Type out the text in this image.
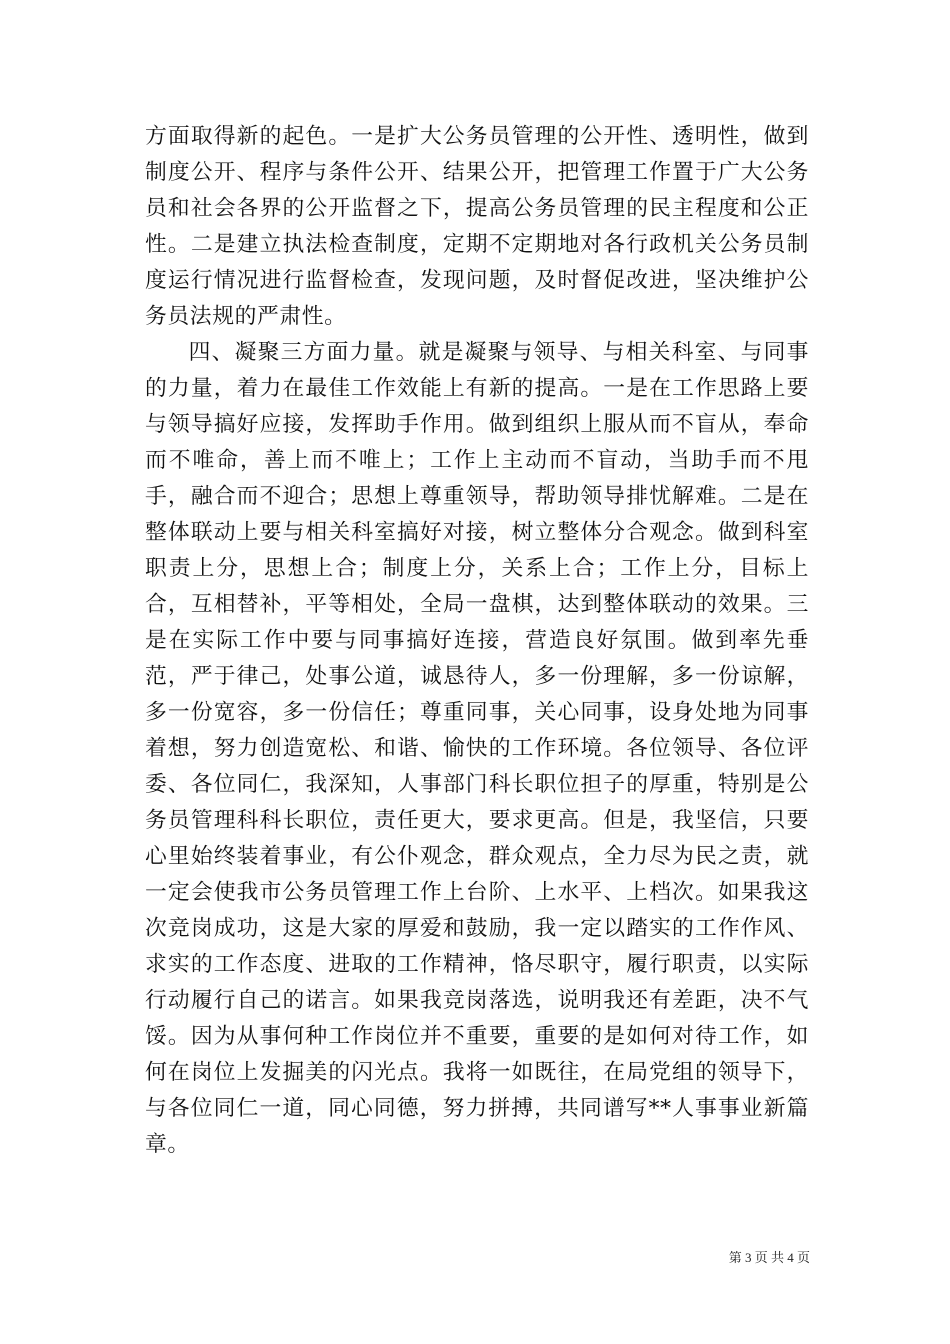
方面取得新的起色。一是扩大公务员管理的公开性、透明性，做到制度公开、程序与条件公开、结果公开，把管理工作置于广大公务员和社会各界的公开监督之下，提高公务员管理的民主程度和公正性。二是建立执法检查制度，定期不定期地对各行政机关公务员制度运行情况进行监督检查，发现问题，及时督促改进，坚决维护公务员法规的严肃性。

四、凝聚三方面力量。就是凝聚与领导、与相关科室、与同事的力量，着力在最佳工作效能上有新的提高。一是在工作思路上要与领导搞好应接，发挥助手作用。做到组织上服从而不盲从，奉命而不唯命，善上而不唯上；工作上主动而不盲动，当助手而不甩手，融合而不迎合；思想上尊重领导，帮助领导排忧解难。二是在整体联动上要与相关科室搞好对接，树立整体分合观念。做到科室职责上分，思想上合；制度上分，关系上合；工作上分，目标上合，互相替补，平等相处，全局一盘棋，达到整体联动的效果。三是在实际工作中要与同事搞好连接，营造良好氛围。做到率先垂范，严于律己，处事公道，诚恳待人，多一份理解，多一份谅解，多一份宽容，多一份信任；尊重同事，关心同事，设身处地为同事着想，努力创造宽松、和谐、愉快的工作环境。各位领导、各位评委、各位同仁，我深知，人事部门科长职位担子的厚重，特别是公务员管理科科长职位，责任更大，要求更高。但是，我坚信，只要心里始终装着事业，有公仆观念，群众观点，全力尽为民之责，就一定会使我市公务员管理工作上台阶、上水平、上档次。如果我这次竞岗成功，这是大家的厚爱和鼓励，我一定以踏实的工作作风、求实的工作态度、进取的工作精神，恪尽职守，履行职责，以实际行动履行自己的诺言。如果我竞岗落选，说明我还有差距，决不气馁。因为从事何种工作岗位并不重要，重要的是如何对待工作，如何在岗位上发掘美的闪光点。我将一如既往，在局党组的领导下，与各位同仁一道，同心同德，努力拼搏，共同谱写**人事事业新篇章。

第 3 页 共 4 页
